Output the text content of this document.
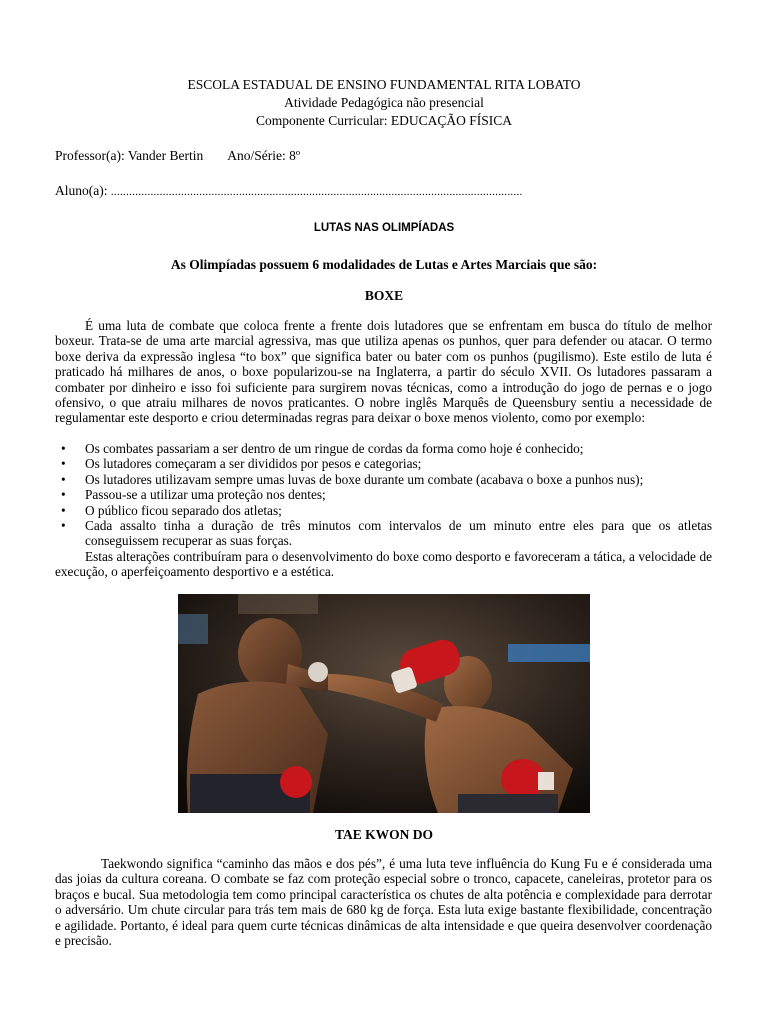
ESCOLA ESTADUAL DE ENSINO FUNDAMENTAL RITA LOBATO
Atividade Pedagógica não presencial
Componente Curricular: EDUCAÇÃO FÍSICA
Professor(a): Vander Bertin Ano/Série: 8º
Aluno(a): .......................................................................................................................................
LUTAS NAS OLIMPÍADAS
As Olimpíadas possuem 6 modalidades de Lutas e Artes Marciais que são:
BOXE
É uma luta de combate que coloca frente a frente dois lutadores que se enfrentam em busca do título de melhor boxeur. Trata-se de uma arte marcial agressiva, mas que utiliza apenas os punhos, quer para defender ou atacar. O termo boxe deriva da expressão inglesa “to box” que significa bater ou bater com os punhos (pugilismo). Este estilo de luta é praticado há milhares de anos, o boxe popularizou-se na Inglaterra, a partir do século XVII. Os lutadores passaram a combater por dinheiro e isso foi suficiente para surgirem novas técnicas, como a introdução do jogo de pernas e o jogo ofensivo, o que atraiu milhares de novos praticantes. O nobre inglês Marquês de Queensbury sentiu a necessidade de regulamentar este desporto e criou determinadas regras para deixar o boxe menos violento, como por exemplo:
• Os combates passariam a ser dentro de um ringue de cordas da forma como hoje é conhecido;
• Os lutadores começaram a ser divididos por pesos e categorias;
• Os lutadores utilizavam sempre umas luvas de boxe durante um combate (acabava o boxe a punhos nus);
• Passou-se a utilizar uma proteção nos dentes;
• O público ficou separado dos atletas;
• Cada assalto tinha a duração de três minutos com intervalos de um minuto entre eles para que os atletas conseguissem recuperar as suas forças.
Estas alterações contribuíram para o desenvolvimento do boxe como desporto e favoreceram a tática, a velocidade de execução, o aperfeiçoamento desportivo e a estética.
TAE KWON DO
Taekwondo significa “caminho das mãos e dos pés”, é uma luta teve influência do Kung Fu e é considerada uma das joias da cultura coreana. O combate se faz com proteção especial sobre o tronco, capacete, caneleiras, protetor para os braços e bucal. Sua metodologia tem como principal característica os chutes de alta potência e complexidade para derrotar o adversário. Um chute circular para trás tem mais de 680 kg de força. Esta luta exige bastante flexibilidade, concentração e agilidade. Portanto, é ideal para quem curte técnicas dinâmicas de alta intensidade e que queira desenvolver coordenação e precisão.
